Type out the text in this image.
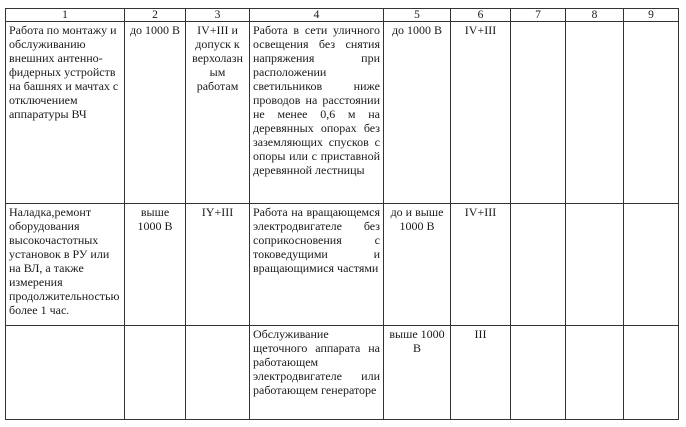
1	2	3	4	5	6	7	8	9
Работа по монтажу и обслуживанию внешних антенно-фидерных устройств на башнях и мачтах с отключением аппаратуры ВЧ	до 1000 В	IV+III и допуск к верхолазным работам	Работа в сети уличного освещения без снятия напряжения при расположении светильников ниже проводов на расстоянии не менее 0,6 м на деревянных опорах без заземляющих спусков с опоры или с приставной деревянной лестницы	до 1000 В	IV+III			
Наладка,ремонт оборудования высокочастотных установок в РУ или на ВЛ, а также измерения продолжительностью более 1 час.	выше 1000 В	IY+III	Работа на вращающемся электродвигателе без соприкосновения с токоведущими и вращающимися частями	до и выше 1000 В	IV+III			
			Обслуживание щеточного аппарата на работающем электродвигателе или работающем генераторе	выше 1000 В	III			
